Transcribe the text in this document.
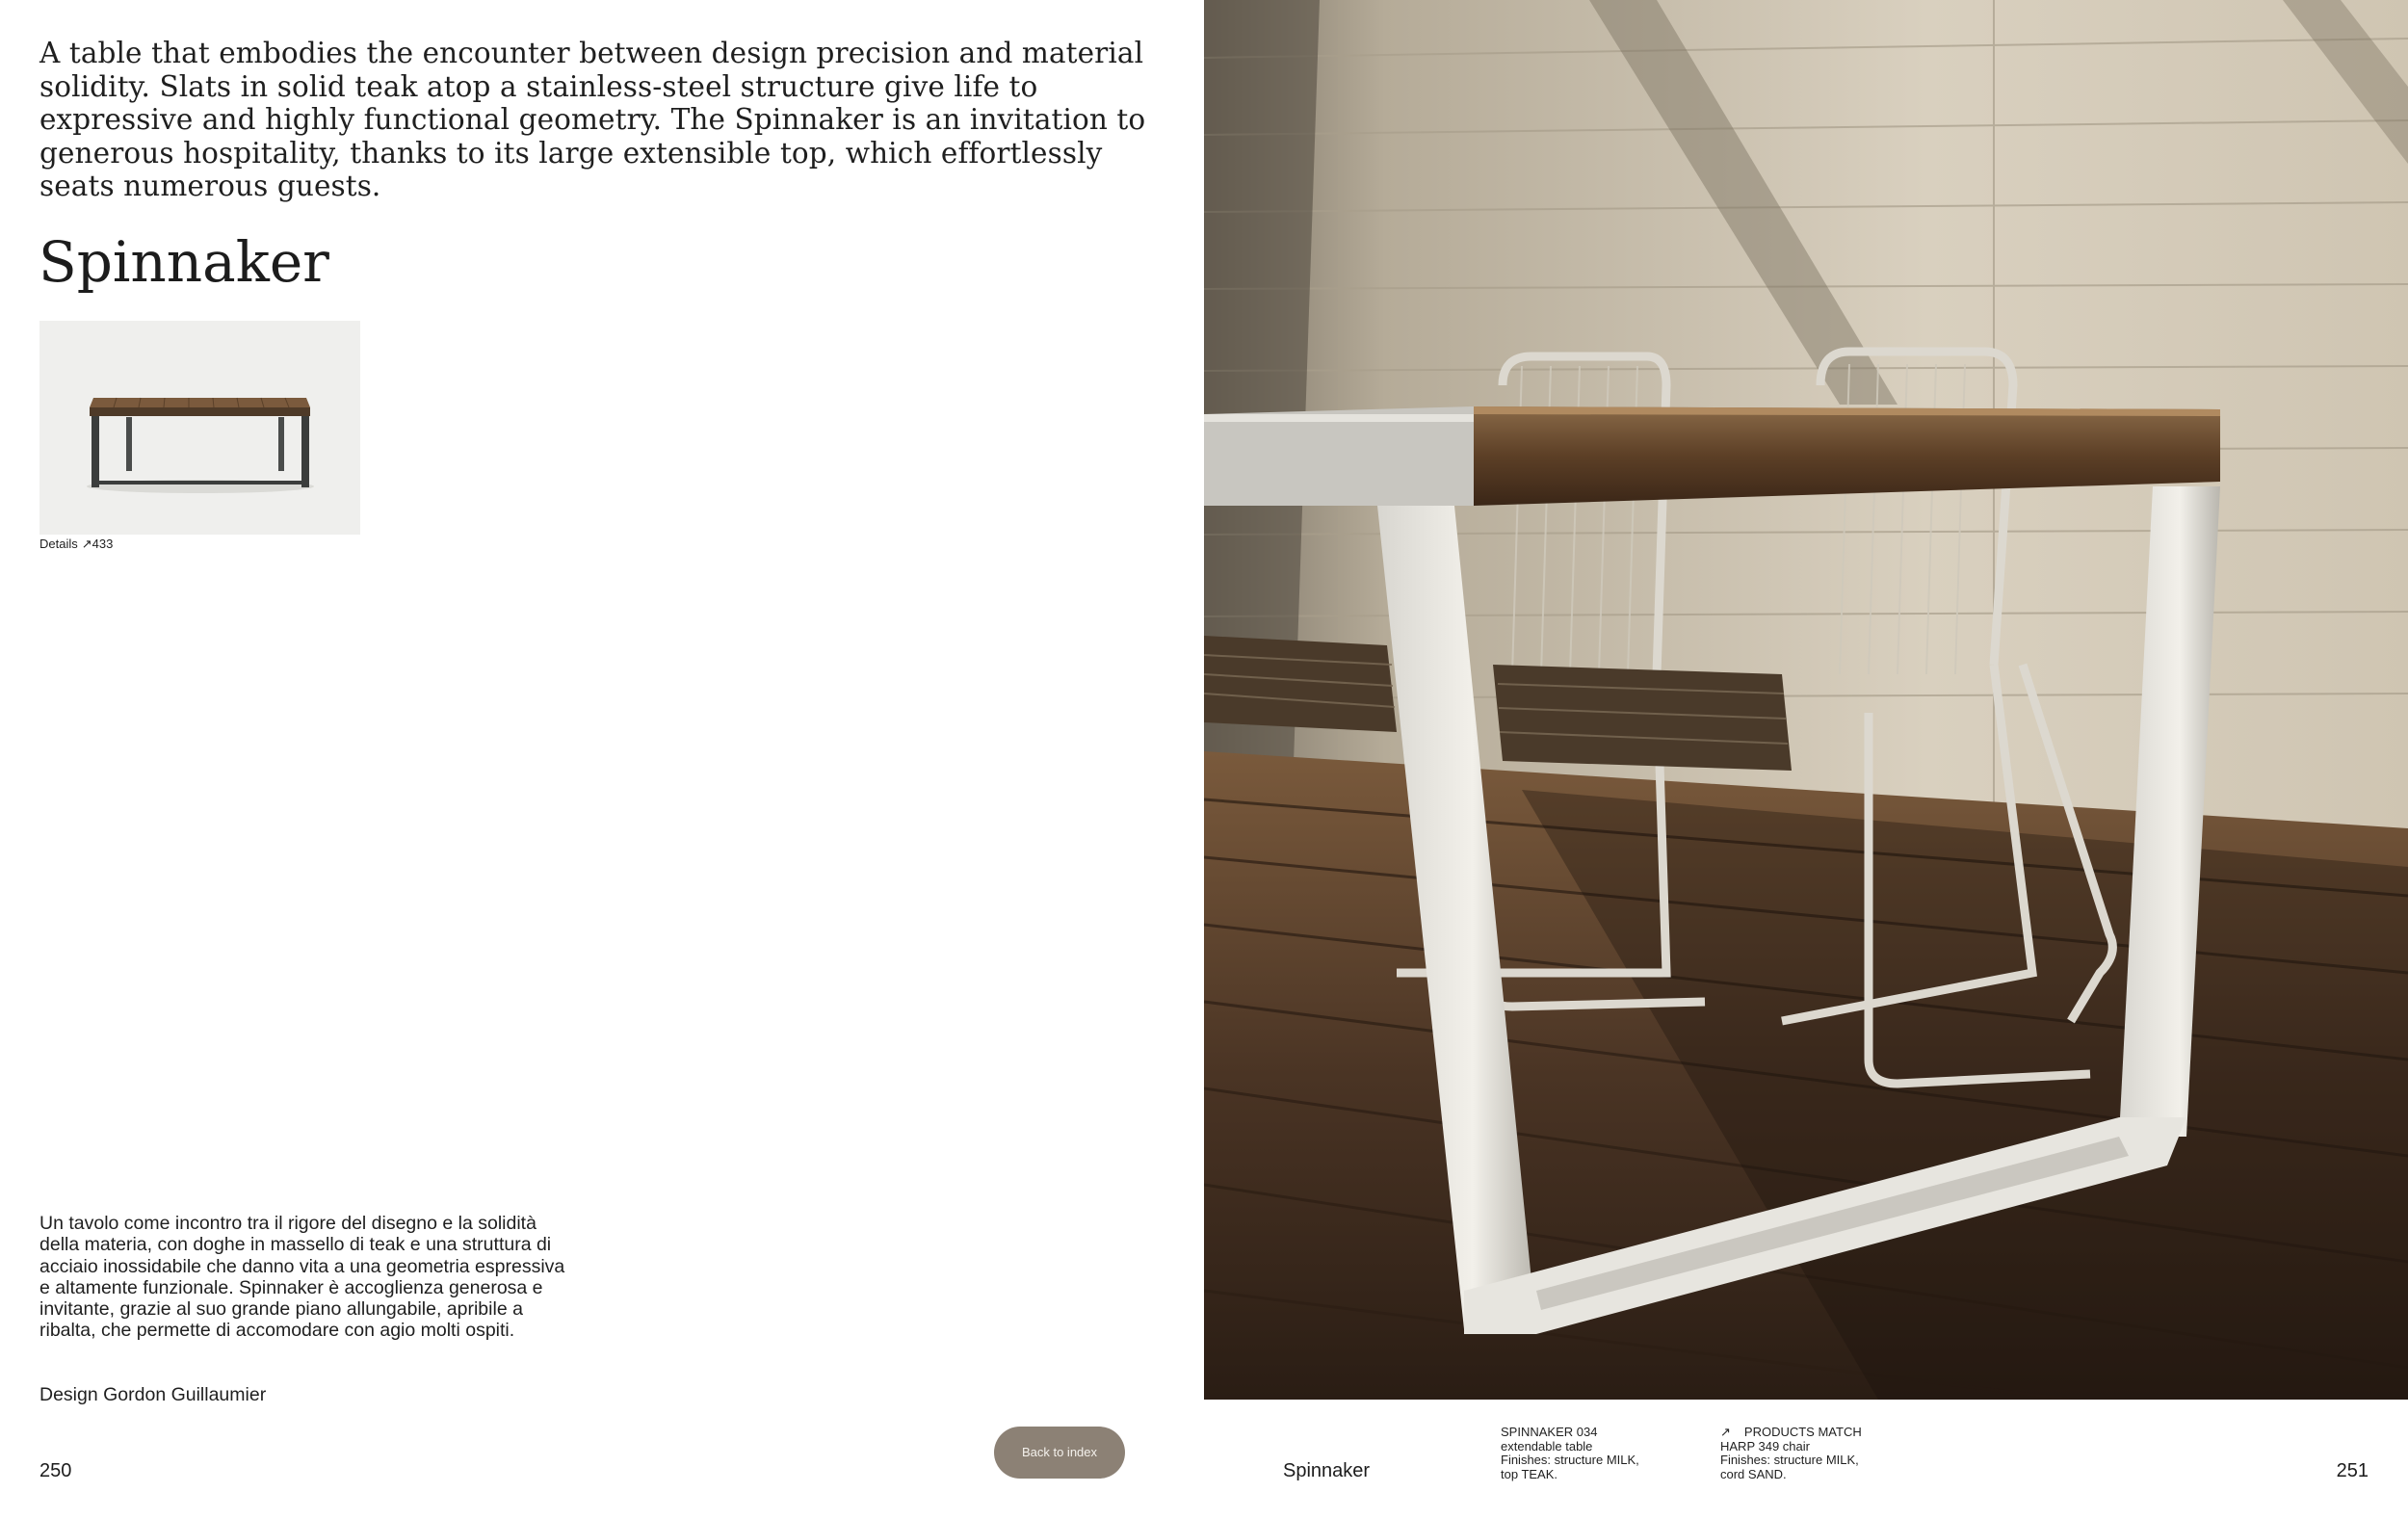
A table that embodies the encounter between design precision and material solidity. Slats in solid teak atop a stainless-steel structure give life to expressive and highly functional geometry. The Spinnaker is an invitation to generous hospitality, thanks to its large extensible top, which effortlessly seats numerous guests.

Spinnaker
Details ↗433

Un tavolo come incontro tra il rigore del disegno e la solidità della materia, con doghe in massello di teak e una struttura di acciaio inossidabile che danno vita a una geometria espressiva e altamente funzionale. Spinnaker è accoglienza generosa e invitante, grazie al suo grande piano allungabile, apribile a ribalta, che permette di accomodare con agio molti ospiti.

Design Gordon Guillaumier
250
Back to index
Spinnaker
SPINNAKER 034
extendable table
Finishes: structure MILK,
top TEAK.
↗ PRODUCTS MATCH
HARP 349 chair
Finishes: structure MILK,
cord SAND.	251
